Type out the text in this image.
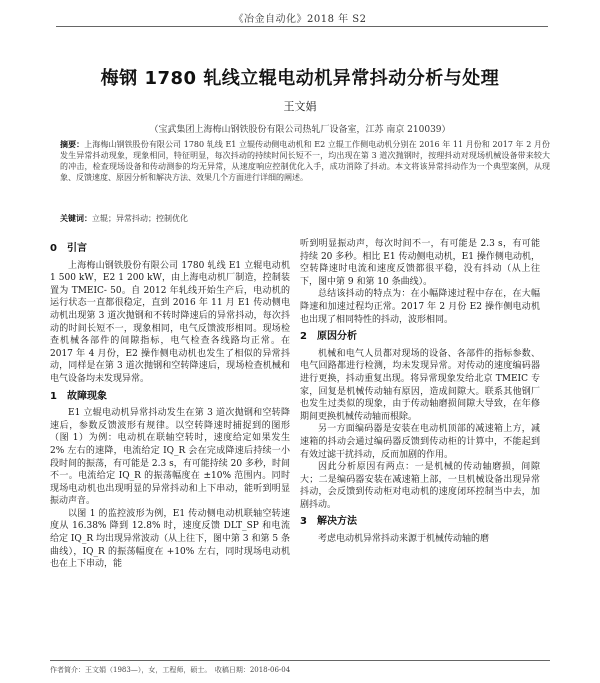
《冶金自动化》2018 年 S2
梅钢 1780 轧线立辊电动机异常抖动分析与处理
王文娟
（宝武集团上海梅山钢铁股份有限公司热轧厂设备室，江苏 南京 210039）

摘要：上海梅山钢铁股份有限公司 1780 轧线 E1 立辊传动侧电动机和 E2 立辊工作侧电动机分别在 2016 年 11 月份和 2017 年 2 月份发生异常抖动现象，现象相同，特征明显，每次抖动的持续时间长短不一，均出现在第 3 道次抛钢时，按理抖动对现场机械设备带来较大的冲击，检查现场设备和传动测参的均无异常，从速度响应控制优化入手，成功消除了抖动。本文将该异常抖动作为一个典型案例，从现象、反馈速度、原因分析和解决方法、效果几个方面进行详细的阐述。

关键词：立辊；异常抖动；控制优化
0　引言

上海梅山钢铁股份有限公司 1780 轧线 E1 立辊电动机 1 500 kW，E2 1 200 kW，由上海电动机厂制造，控制装置为 TMEIC- 50。自 2012 年轧线开始生产后，电动机的运行状态一直都很稳定，直到 2016 年 11 月 E1 传动侧电动机出现第 3 道次抛钢和不转时降速后的异常抖动，每次抖动的时间长短不一，现象相同，电气反馈波形相同。现场检查机械各部件的间隙指标，电气检查各线路均正常。在 2017 年 4 月份，E2 操作侧电动机也发生了相似的异常抖动，同样是在第 3 道次抛钢和空转降速后，现场检查机械和电气设备均未发现异常。

1　故障现象

E1 立辊电动机异常抖动发生在第 3 道次抛钢和空转降速后，参数反馈波形有规律。以空转降速时捕捉到的图形（图 1）为例：电动机在联轴空转时，速度给定如果发生 2% 左右的速降，电流给定 IQ_R 会在完成降速后持续一小段时间的振荡，有可能是 2.3 s，有可能持续 20 多秒，时间不一。电流给定 IQ_R 的振荡幅度在 ±10% 范围内。同时现场电动机也出现明显的异常抖动和上下串动，能听到明显振动声音。

以图 1 的监控波形为例，E1 传动侧电动机联轴空转速度从 16.38% 降到 12.8% 时，速度反馈 DLT_SP 和电流给定 IQ_R 均出现异常波动（从上往下，图中第 3 和第 5 条曲线），IQ_R 的振荡幅度在 +10% 左右，同时现场电动机也在上下串动，能

听到明显振动声，每次时间不一，有可能是 2.3 s，有可能持续 20 多秒。相比 E1 传动侧电动机，E1 操作侧电动机，空转降速时电流和速度反馈都很平稳，没有抖动（从上往下，图中第 9 和第 10 条曲线）。

总结该抖动的特点为：在小幅降速过程中存在，在大幅降速和加速过程均正常。2017 年 2 月份 E2 操作侧电动机也出现了相同特性的抖动，波形相同。

2　原因分析

机械和电气人员都对现场的设备、各部件的指标参数、电气回路都进行检测，均未发现异常。对传动的速度编码器进行更换，抖动重复出现。将异常现象发给北京 TMEIC 专家，回复是机械传动轴有原因，造成间隙大。联系其他钢厂也发生过类似的现象，由于传动轴磨损间隙大导致，在年修期间更换机械传动轴而根除。

另一方面编码器是安装在电动机顶部的减速箱上方，减速箱的抖动会通过编码器反馈到传动柜的计算中，不能起到有效过滤干扰抖动，反而加剧的作用。

因此分析原因有两点：一是机械的传动轴磨损，间隙大；二是编码器安装在减速箱上部，一旦机械设备出现异常抖动，会反馈到传动柜对电动机的速度闭环控制当中去，加剧抖动。

3　解决方法

考虑电动机异常抖动来源于机械传动轴的磨

作者简介：王文娟（1983—），女，工程师，硕士。　收稿日期：2018-06-04
